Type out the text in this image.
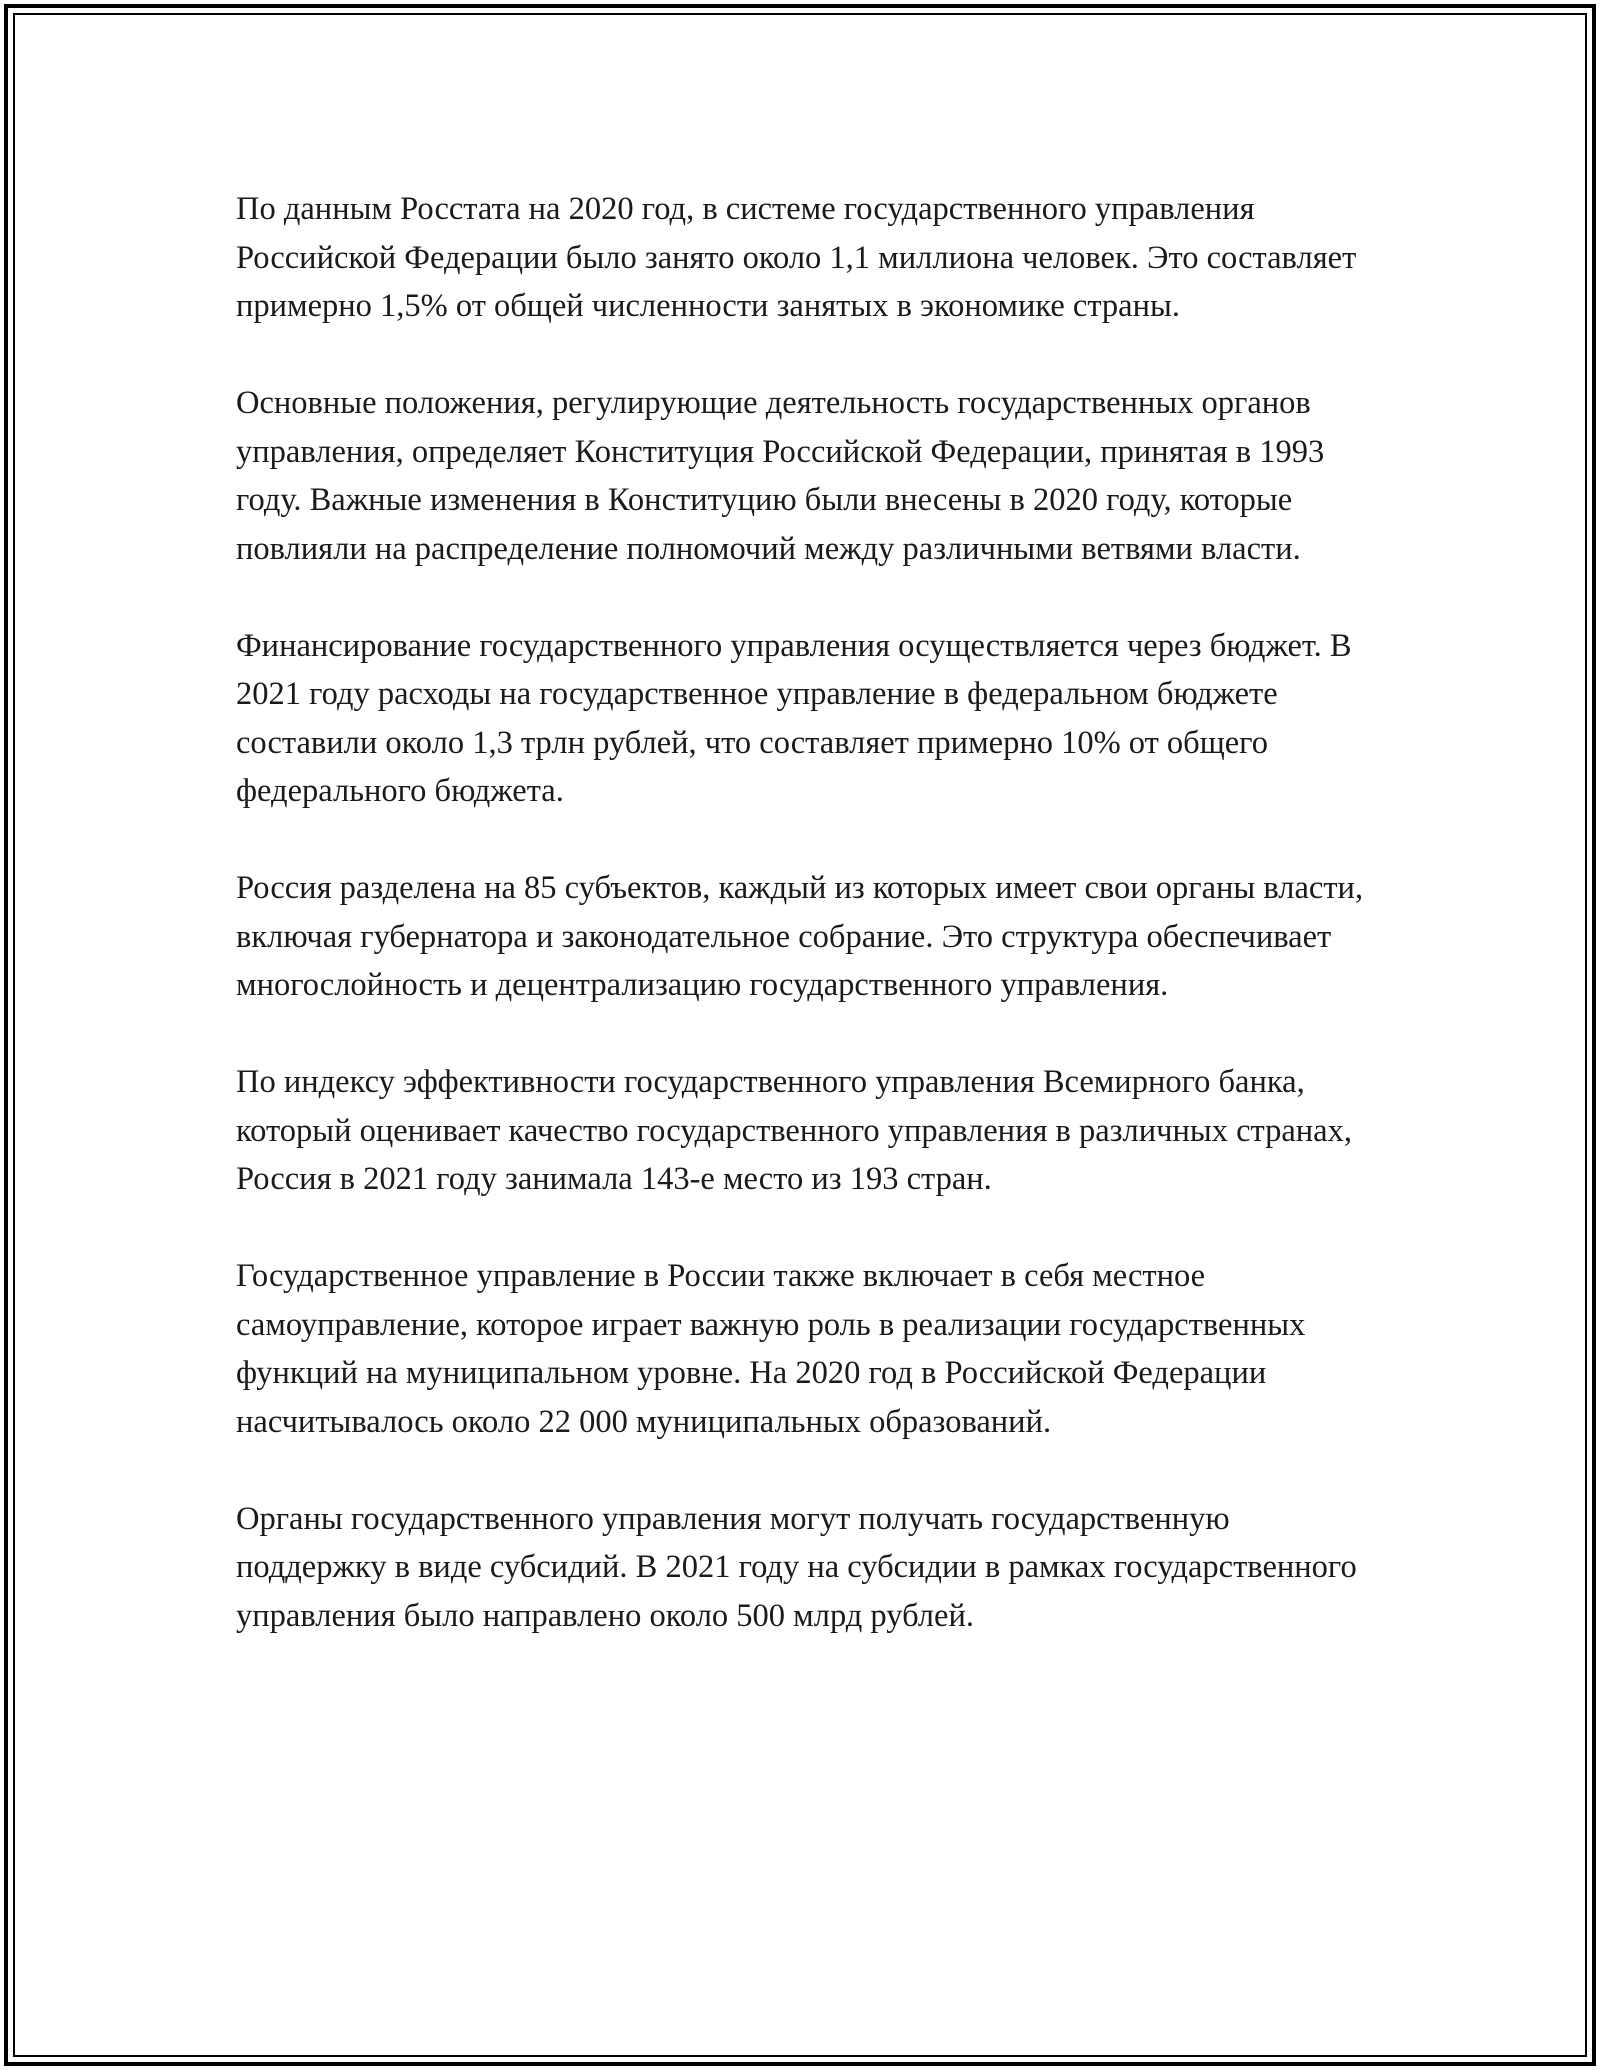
По данным Росстата на 2020 год, в системе государственного управления Российской Федерации было занято около 1,1 миллиона человек. Это составляет примерно 1,5% от общей численности занятых в экономике страны.

Основные положения, регулирующие деятельность государственных органов управления, определяет Конституция Российской Федерации, принятая в 1993 году. Важные изменения в Конституцию были внесены в 2020 году, которые повлияли на распределение полномочий между различными ветвями власти.

Финансирование государственного управления осуществляется через бюджет. В 2021 году расходы на государственное управление в федеральном бюджете составили около 1,3 трлн рублей, что составляет примерно 10% от общего федерального бюджета.

Россия разделена на 85 субъектов, каждый из которых имеет свои органы власти, включая губернатора и законодательное собрание. Это структура обеспечивает многослойность и децентрализацию государственного управления.

По индексу эффективности государственного управления Всемирного банка, который оценивает качество государственного управления в различных странах, Россия в 2021 году занимала 143-е место из 193 стран.

Государственное управление в России также включает в себя местное самоуправление, которое играет важную роль в реализации государственных функций на муниципальном уровне. На 2020 год в Российской Федерации насчитывалось около 22 000 муниципальных образований.

Органы государственного управления могут получать государственную поддержку в виде субсидий. В 2021 году на субсидии в рамках государственного управления было направлено около 500 млрд рублей.
